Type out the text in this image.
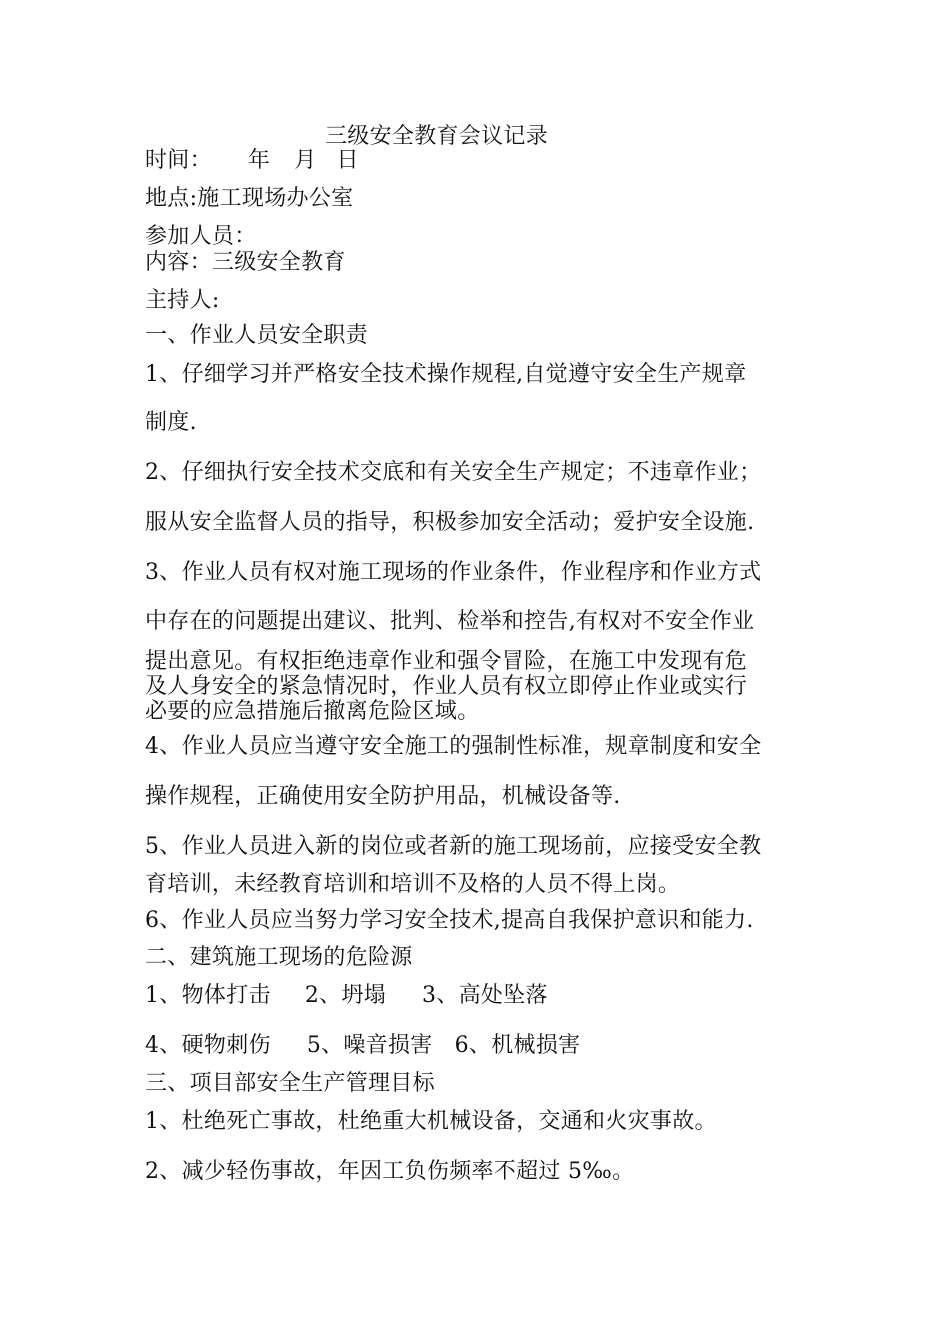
三级安全教育会议记录
时间： 年 月 日
地点:施工现场办公室
参加人员：
内容：三级安全教育
主持人:
一、作业人员安全职责
1、仔细学习并严格安全技术操作规程,自觉遵守安全生产规章
制度.
2、仔细执行安全技术交底和有关安全生产规定；不违章作业；
服从安全监督人员的指导，积极参加安全活动；爱护安全设施.
3、作业人员有权对施工现场的作业条件，作业程序和作业方式
中存在的问题提出建议、批判、检举和控告,有权对不安全作业
提出意见。有权拒绝违章作业和强令冒险，在施工中发现有危
及人身安全的紧急情况时，作业人员有权立即停止作业或实行
必要的应急措施后撤离危险区域。
4、作业人员应当遵守安全施工的强制性标准，规章制度和安全
操作规程，正确使用安全防护用品，机械设备等.
5、作业人员进入新的岗位或者新的施工现场前，应接受安全教
育培训，未经教育培训和培训不及格的人员不得上岗。
6、作业人员应当努力学习安全技术,提高自我保护意识和能力.
二、建筑施工现场的危险源
1、物体打击 2、坍塌 3、高处坠落
4、硬物刺伤 5、噪音损害 6、机械损害
三、项目部安全生产管理目标
1、杜绝死亡事故，杜绝重大机械设备，交通和火灾事故。
2、减少轻伤事故，年因工负伤频率不超过 5‰。
